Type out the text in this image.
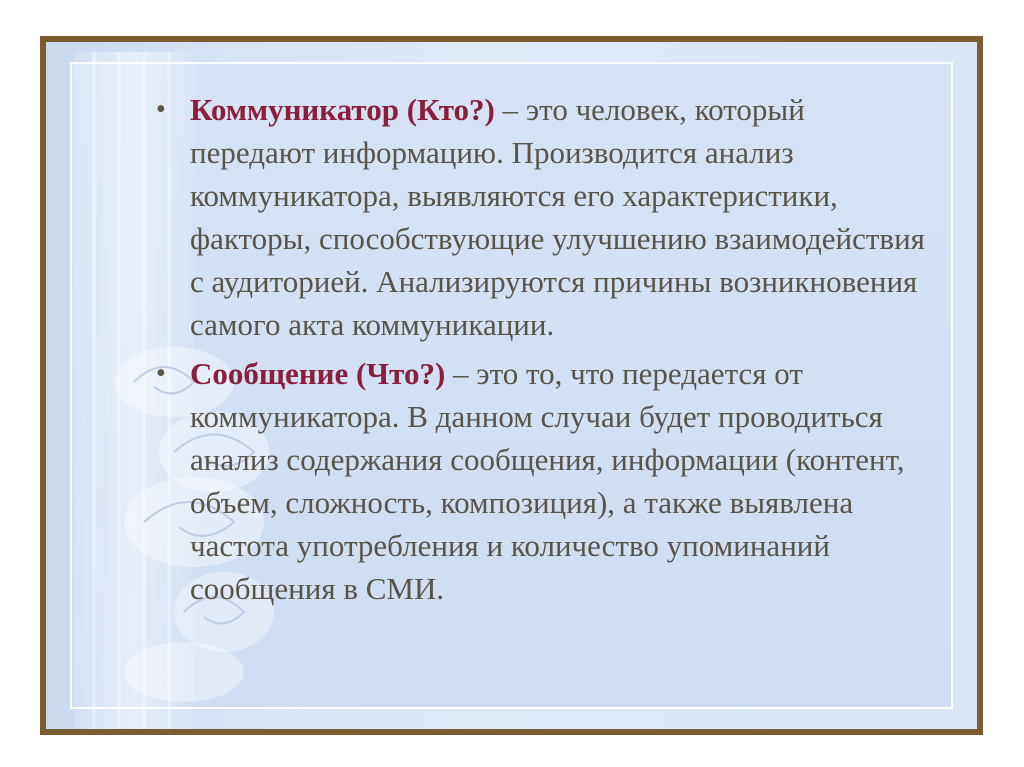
• Коммуникатор (Кто?) – это человек, который передают информацию. Производится анализ коммуникатора, выявляются его характеристики, факторы, способствующие улучшению взаимодействия с аудиторией. Анализируются причины возникновения самого акта коммуникации.
• Сообщение (Что?) – это то, что передается от коммуникатора. В данном случаи будет проводиться анализ содержания сообщения, информации (контент, объем, сложность, композиция), а также выявлена частота употребления и количество упоминаний сообщения в СМИ.
